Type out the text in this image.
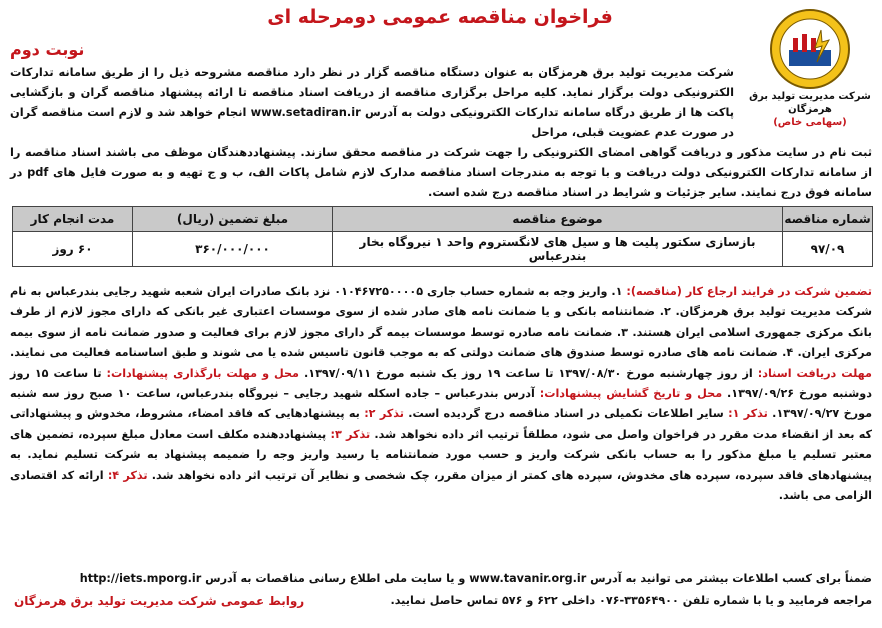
فراخوان مناقصه عمومی دومرحله ای
نوبت دوم
شرکت مدیریت تولید برق هرمزگان
(سهامی خاص)
شرکت مدیریت تولید برق هرمزگان به عنوان دستگاه مناقصه گزار در نظر دارد مناقصه مشروحه ذیل را از طریق سامانه تدارکات الکترونیکی دولت برگزار نماید. کلیه مراحل برگزاری مناقصه از دریافت اسناد مناقصه تا ارائه پیشنهاد مناقصه گران و بازگشایی پاکت ها از طریق درگاه سامانه تدارکات الکترونیکی دولت به آدرس www.setadiran.ir انجام خواهد شد و لازم است مناقصه گران در صورت عدم عضویت قبلی، مراحل
ثبت نام در سایت مذکور و دریافت گواهی امضای الکترونیکی را جهت شرکت در مناقصه محقق سازند. پیشنهاددهندگان موظف می باشند اسناد مناقصه را از سامانه تدارکات الکترونیکی دولت دریافت و با توجه به مندرجات اسناد مناقصه مدارک لازم شامل پاکات الف، ب و ج تهیه و به صورت فایل های pdf در سامانه فوق درج نمایند. سایر جزئیات و شرایط در اسناد مناقصه درج شده است.
شماره مناقصه	موضوع مناقصه	مبلغ تضمین (ریال)	مدت انجام کار
۹۷/۰۹	بازسازی سکتور پلیت ها و سیل های لانگستروم واحد ۱ نیروگاه بخار بندرعباس	۳۶۰/۰۰۰/۰۰۰	۶۰ روز
تضمین شرکت در فرایند ارجاع کار (مناقصه): ۱. واریز وجه به شماره حساب جاری ۰۱۰۴۶۷۲۵۰۰۰۰۵ نزد بانک صادرات ایران شعبه شهید رجایی بندرعباس به نام شرکت مدیریت تولید برق هرمزگان. ۲. ضمانتنامه بانکی و یا ضمانت نامه های صادر شده از سوی موسسات اعتباری غیر بانکی که دارای مجوز لازم از طرف بانک مرکزی جمهوری اسلامی ایران هستند. ۳. ضمانت نامه صادره توسط موسسات بیمه گر دارای مجوز لازم برای فعالیت و صدور ضمانت نامه از سوی بیمه مرکزی ایران. ۴. ضمانت نامه های صادره توسط صندوق های ضمانت دولتی که به موجب قانون تاسیس شده یا می شوند و طبق اساسنامه فعالیت می نمایند. مهلت دریافت اسناد: از روز چهارشنبه مورخ ۱۳۹۷/۰۸/۳۰ تا ساعت ۱۹ روز یک شنبه مورخ ۱۳۹۷/۰۹/۱۱. محل و مهلت بارگذاری پیشنهادات: تا ساعت ۱۵ روز دوشنبه مورخ ۱۳۹۷/۰۹/۲۶. محل و تاریخ گشایش پیشنهادات: آدرس بندرعباس – جاده اسکله شهید رجایی – نیروگاه بندرعباس، ساعت ۱۰ صبح روز سه شنبه مورخ ۱۳۹۷/۰۹/۲۷. تذکر ۱: سایر اطلاعات تکمیلی در اسناد مناقصه درج گردیده است. تذکر ۲: به پیشنهادهایی که فاقد امضاء، مشروط، مخدوش و پیشنهاداتی که بعد از انقضاء مدت مقرر در فراخوان واصل می شود، مطلقاً ترتیب اثر داده نخواهد شد. تذکر ۳: پیشنهاددهنده مکلف است معادل مبلغ سپرده، تضمین های معتبر تسلیم یا مبلغ مذکور را به حساب بانکی شرکت واریز و حسب مورد ضمانتنامه یا رسید واریز وجه را ضمیمه پیشنهاد به شرکت تسلیم نماید. به پیشنهادهای فاقد سپرده، سپرده های مخدوش، سپرده های کمتر از میزان مقرر، چک شخصی و نظایر آن ترتیب اثر داده نخواهد شد. تذکر ۴: ارائه کد اقتصادی الزامی می باشد.
ضمناً برای کسب اطلاعات بیشتر می توانید به آدرس www.tavanir.org.ir و یا سایت ملی اطلاع رسانی مناقصات به آدرس http://iets.mporg.ir
مراجعه فرمایید و یا با شماره تلفن ۳۳۵۶۴۹۰۰-۰۷۶ داخلی ۶۲۲ و ۵۷۶ تماس حاصل نمایید.
روابط عمومی شرکت مدیریت تولید برق هرمزگان
